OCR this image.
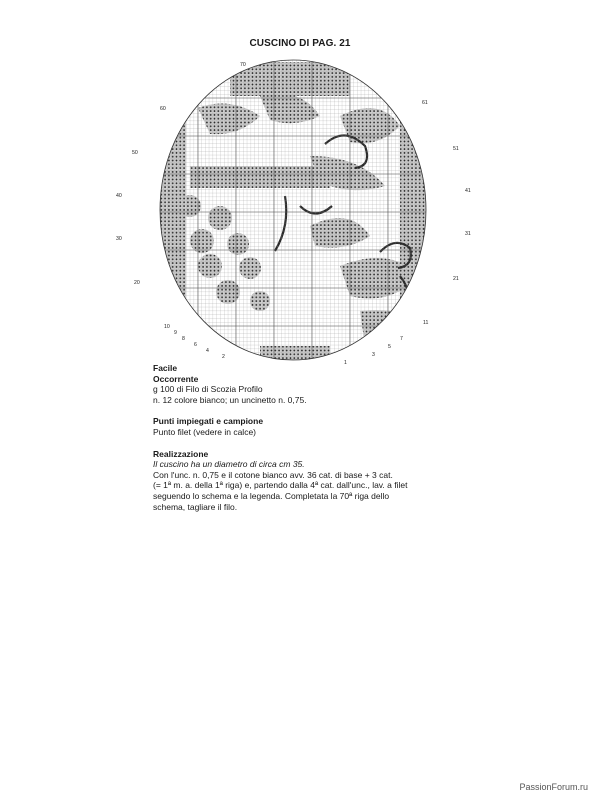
CUSCINO DI PAG. 21
70
60
61
50
51
40
41
30
31
20
21
10
11
9
8	7
6	5
4
3
2
1

Facile

Occorrente

g 100 di Filo di Scozia Profilo

n. 12 colore bianco; un uncinetto n. 0,75.

Punti impiegati e campione

Punto filet (vedere in calce)

Realizzazione

Il cuscino ha un diametro di circa cm 35.

Con l'unc. n. 0,75 e il cotone bianco avv. 36 cat. di base + 3 cat.

(= 1ª m. a. della 1ª riga) e, partendo dalla 4ª cat. dall'unc., lav. a filet

seguendo lo schema e la legenda. Completata la 70ª riga dello

schema, tagliare il filo.

PassionForum.ru
